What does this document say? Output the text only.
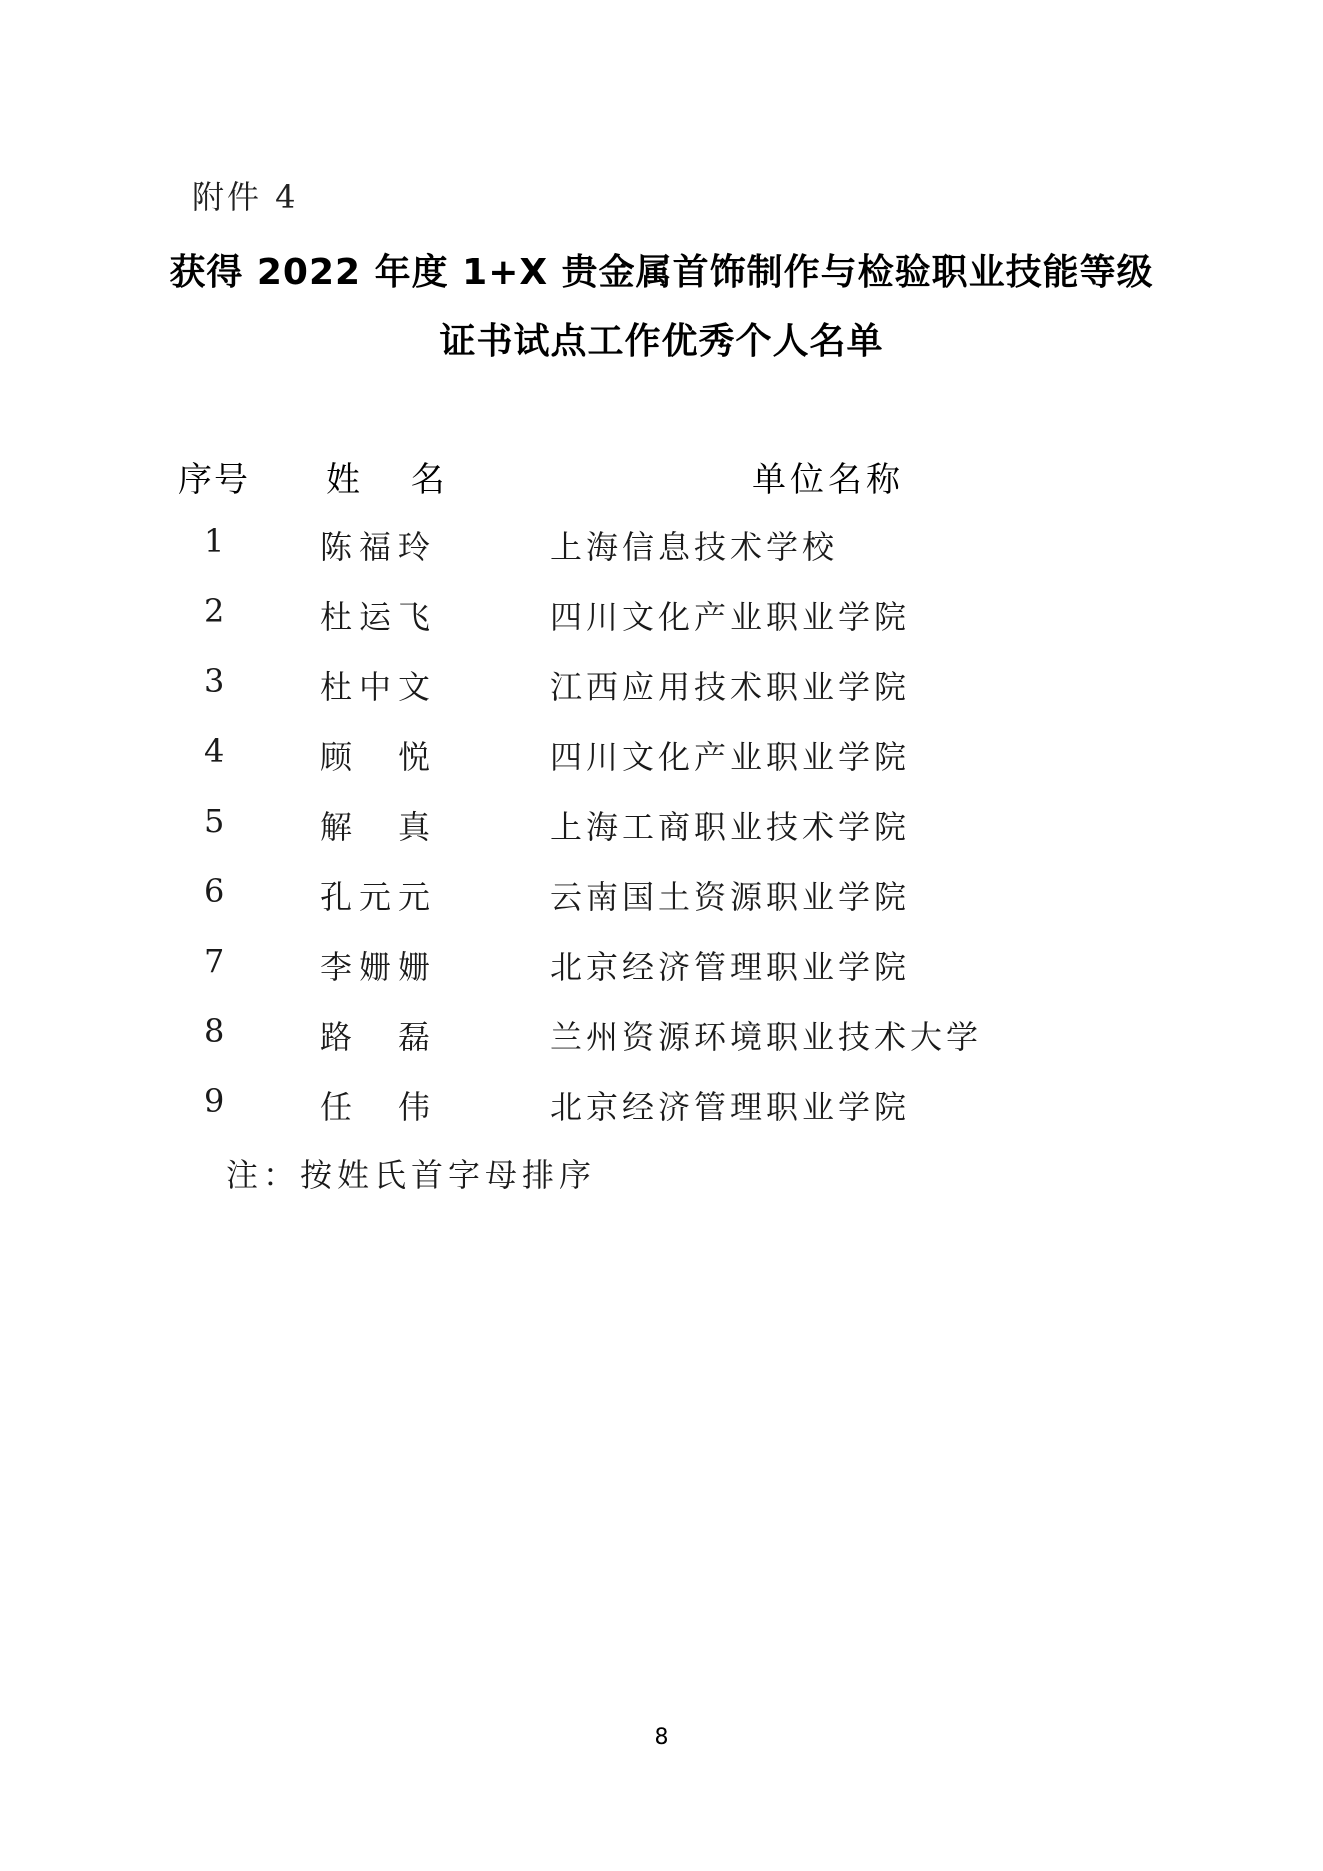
附件 4
获得 2022 年度 1+X 贵金属首饰制作与检验职业技能等级
证书试点工作优秀个人名单
序号 姓 名	单位名称
1	陈福玲	上海信息技术学校
2	杜运飞	四川文化产业职业学院
3	杜中文	江西应用技术职业学院
4	顾悦	四川文化产业职业学院
5	解真	上海工商职业技术学院
6	孔元元	云南国土资源职业学院
7	李姗姗	北京经济管理职业学院
8	路磊	兰州资源环境职业技术大学
9	任伟	北京经济管理职业学院
注：按姓氏首字母排序
8
